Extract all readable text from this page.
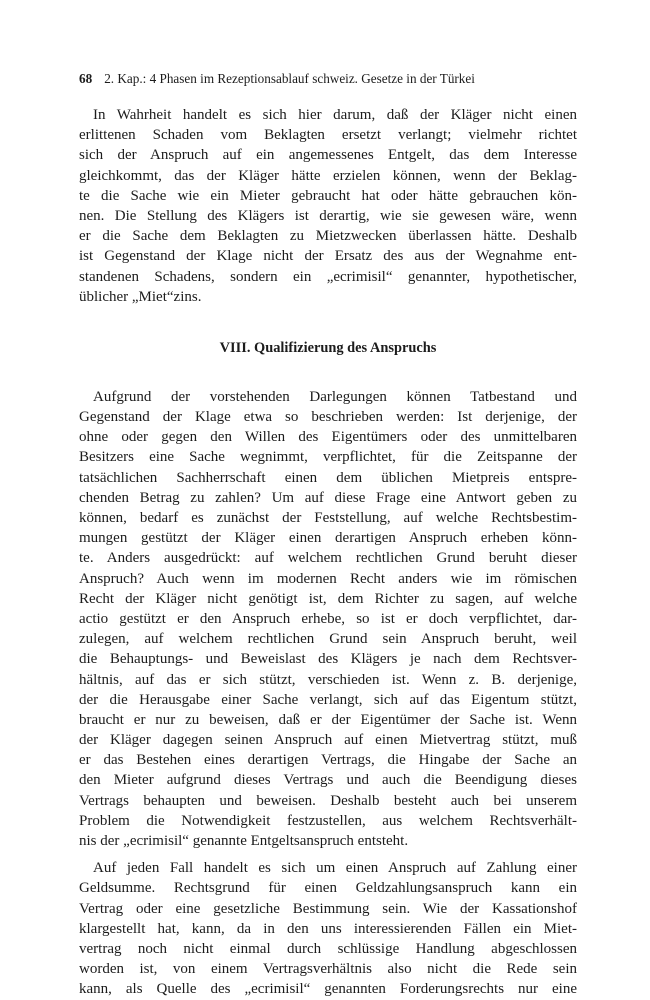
68 2. Kap.: 4 Phasen im Rezeptionsablauf schweiz. Gesetze in der Türkei

In Wahrheit handelt es sich hier darum, daß der Kläger nicht einen
erlittenen Schaden vom Beklagten ersetzt verlangt; vielmehr richtet
sich der Anspruch auf ein angemessenes Entgelt, das dem Interesse
gleichkommt, das der Kläger hätte erzielen können, wenn der Beklag-
te die Sache wie ein Mieter gebraucht hat oder hätte gebrauchen kön-
nen. Die Stellung des Klägers ist derartig, wie sie gewesen wäre, wenn
er die Sache dem Beklagten zu Mietzwecken überlassen hätte. Deshalb
ist Gegenstand der Klage nicht der Ersatz des aus der Wegnahme ent-
standenen Schadens, sondern ein „ecrimisil“ genannter, hypothetischer,
üblicher „Miet“zins.

VIII. Qualifizierung des Anspruchs

Aufgrund der vorstehenden Darlegungen können Tatbestand und
Gegenstand der Klage etwa so beschrieben werden: Ist derjenige, der
ohne oder gegen den Willen des Eigentümers oder des unmittelbaren
Besitzers eine Sache wegnimmt, verpflichtet, für die Zeitspanne der
tatsächlichen Sachherrschaft einen dem üblichen Mietpreis entspre-
chenden Betrag zu zahlen? Um auf diese Frage eine Antwort geben zu
können, bedarf es zunächst der Feststellung, auf welche Rechtsbestim-
mungen gestützt der Kläger einen derartigen Anspruch erheben könn-
te. Anders ausgedrückt: auf welchem rechtlichen Grund beruht dieser
Anspruch? Auch wenn im modernen Recht anders wie im römischen
Recht der Kläger nicht genötigt ist, dem Richter zu sagen, auf welche
actio gestützt er den Anspruch erhebe, so ist er doch verpflichtet, dar-
zulegen, auf welchem rechtlichen Grund sein Anspruch beruht, weil
die Behauptungs- und Beweislast des Klägers je nach dem Rechtsver-
hältnis, auf das er sich stützt, verschieden ist. Wenn z. B. derjenige,
der die Herausgabe einer Sache verlangt, sich auf das Eigentum stützt,
braucht er nur zu beweisen, daß er der Eigentümer der Sache ist. Wenn
der Kläger dagegen seinen Anspruch auf einen Mietvertrag stützt, muß
er das Bestehen eines derartigen Vertrags, die Hingabe der Sache an
den Mieter aufgrund dieses Vertrags und auch die Beendigung dieses
Vertrags behaupten und beweisen. Deshalb besteht auch bei unserem
Problem die Notwendigkeit festzustellen, aus welchem Rechtsverhält-
nis der „ecrimisil“ genannte Entgeltsanspruch entsteht.

Auf jeden Fall handelt es sich um einen Anspruch auf Zahlung einer
Geldsumme. Rechtsgrund für einen Geldzahlungsanspruch kann ein
Vertrag oder eine gesetzliche Bestimmung sein. Wie der Kassationshof
klargestellt hat, kann, da in den uns interessierenden Fällen ein Miet-
vertrag noch nicht einmal durch schlüssige Handlung abgeschlossen
worden ist, von einem Vertragsverhältnis also nicht die Rede sein
kann, als Quelle des „ecrimisil“ genannten Forderungsrechts nur eine
